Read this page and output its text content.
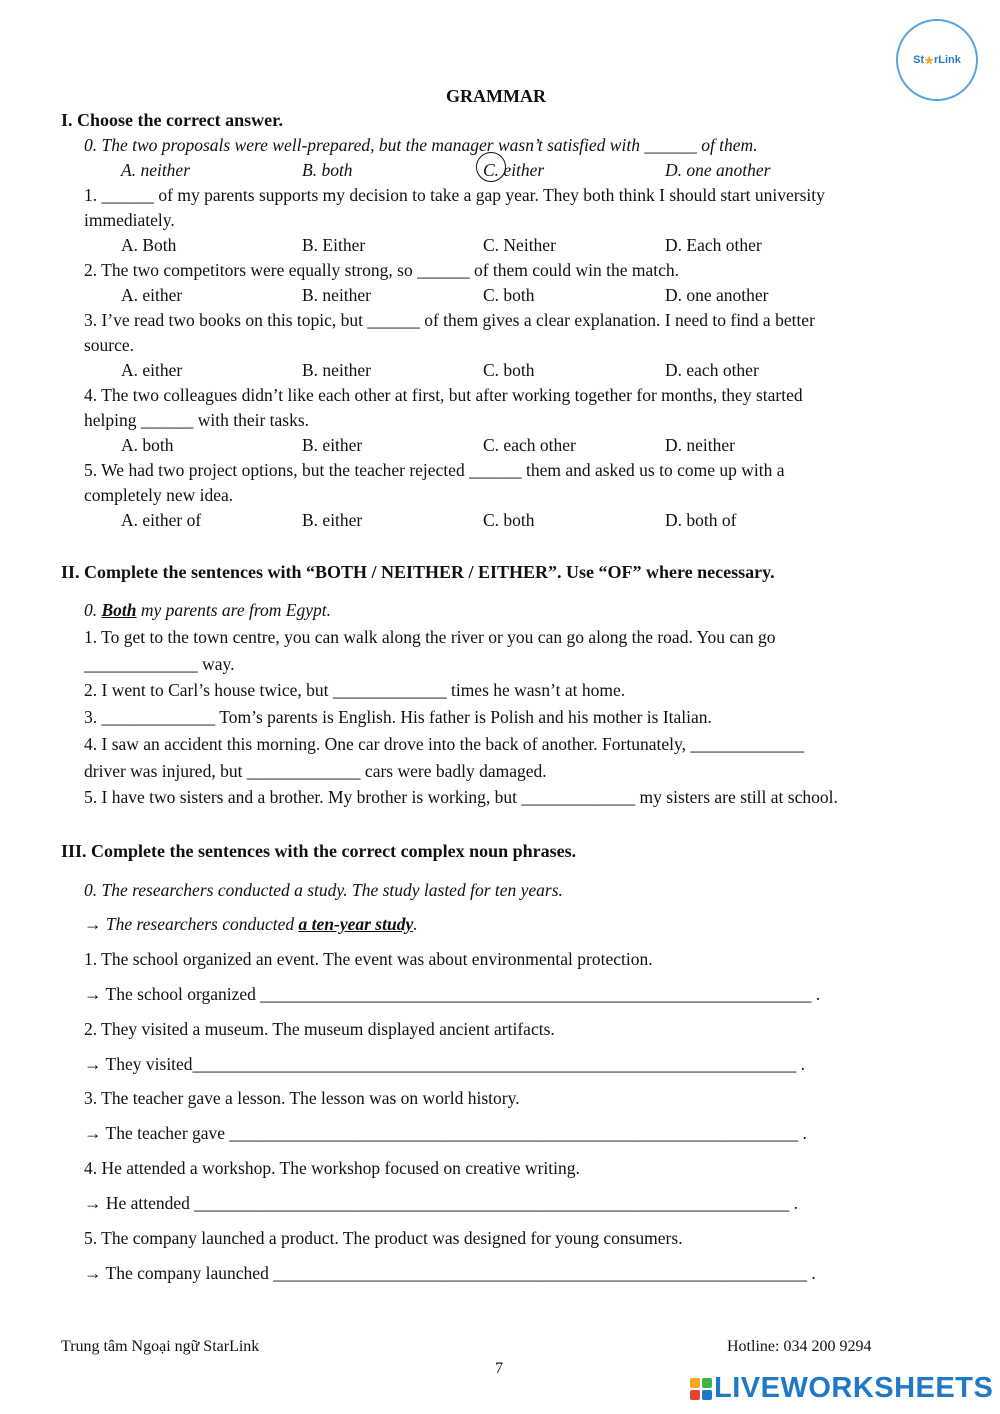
St ★ rLink
GRAMMAR
I. Choose the correct answer.
0. The two proposals were well-prepared, but the manager wasn’t satisfied with ______ of them.
A. neither	B. both	C. either	D. one another
1. ______ of my parents supports my decision to take a gap year. They both think I should start university
immediately.
A. Both	B. Either	C. Neither	D. Each other
2. The two competitors were equally strong, so ______ of them could win the match.
A. either	B. neither	C. both	D. one another
3. I’ve read two books on this topic, but ______ of them gives a clear explanation. I need to find a better
source.
A. either	B. neither	C. both	D. each other
4. The two colleagues didn’t like each other at first, but after working together for months, they started
helping ______ with their tasks.
A. both	B. either	C. each other	D. neither
5. We had two project options, but the teacher rejected ______ them and asked us to come up with a
completely new idea.
A. either of	B. either	C. both	D. both of
II. Complete the sentences with “BOTH / NEITHER / EITHER”. Use “OF” where necessary.
0. Both my parents are from Egypt.
1. To get to the town centre, you can walk along the river or you can go along the road. You can go
_____________ way.
2. I went to Carl’s house twice, but _____________ times he wasn’t at home.
3. _____________ Tom’s parents is English. His father is Polish and his mother is Italian.
4. I saw an accident this morning. One car drove into the back of another. Fortunately, _____________
driver was injured, but _____________ cars were badly damaged.
5. I have two sisters and a brother. My brother is working, but _____________ my sisters are still at school.
III. Complete the sentences with the correct complex noun phrases.
0. The researchers conducted a study. The study lasted for ten years.
→ The researchers conducted a ten-year study.
1. The school organized an event. The event was about environmental protection.
→ The school organized _______________________________________________________________ .
2. They visited a museum. The museum displayed ancient artifacts.
→ They visited_____________________________________________________________________ .
3. The teacher gave a lesson. The lesson was on world history.
→ The teacher gave _________________________________________________________________ .
4. He attended a workshop. The workshop focused on creative writing.
→ He attended ____________________________________________________________________ .
5. The company launched a product. The product was designed for young consumers.
→ The company launched _____________________________________________________________ .
Trung tâm Ngoại ngữ StarLink	Hotline: 034 200 9294
7
LIVEWORKSHEETS
